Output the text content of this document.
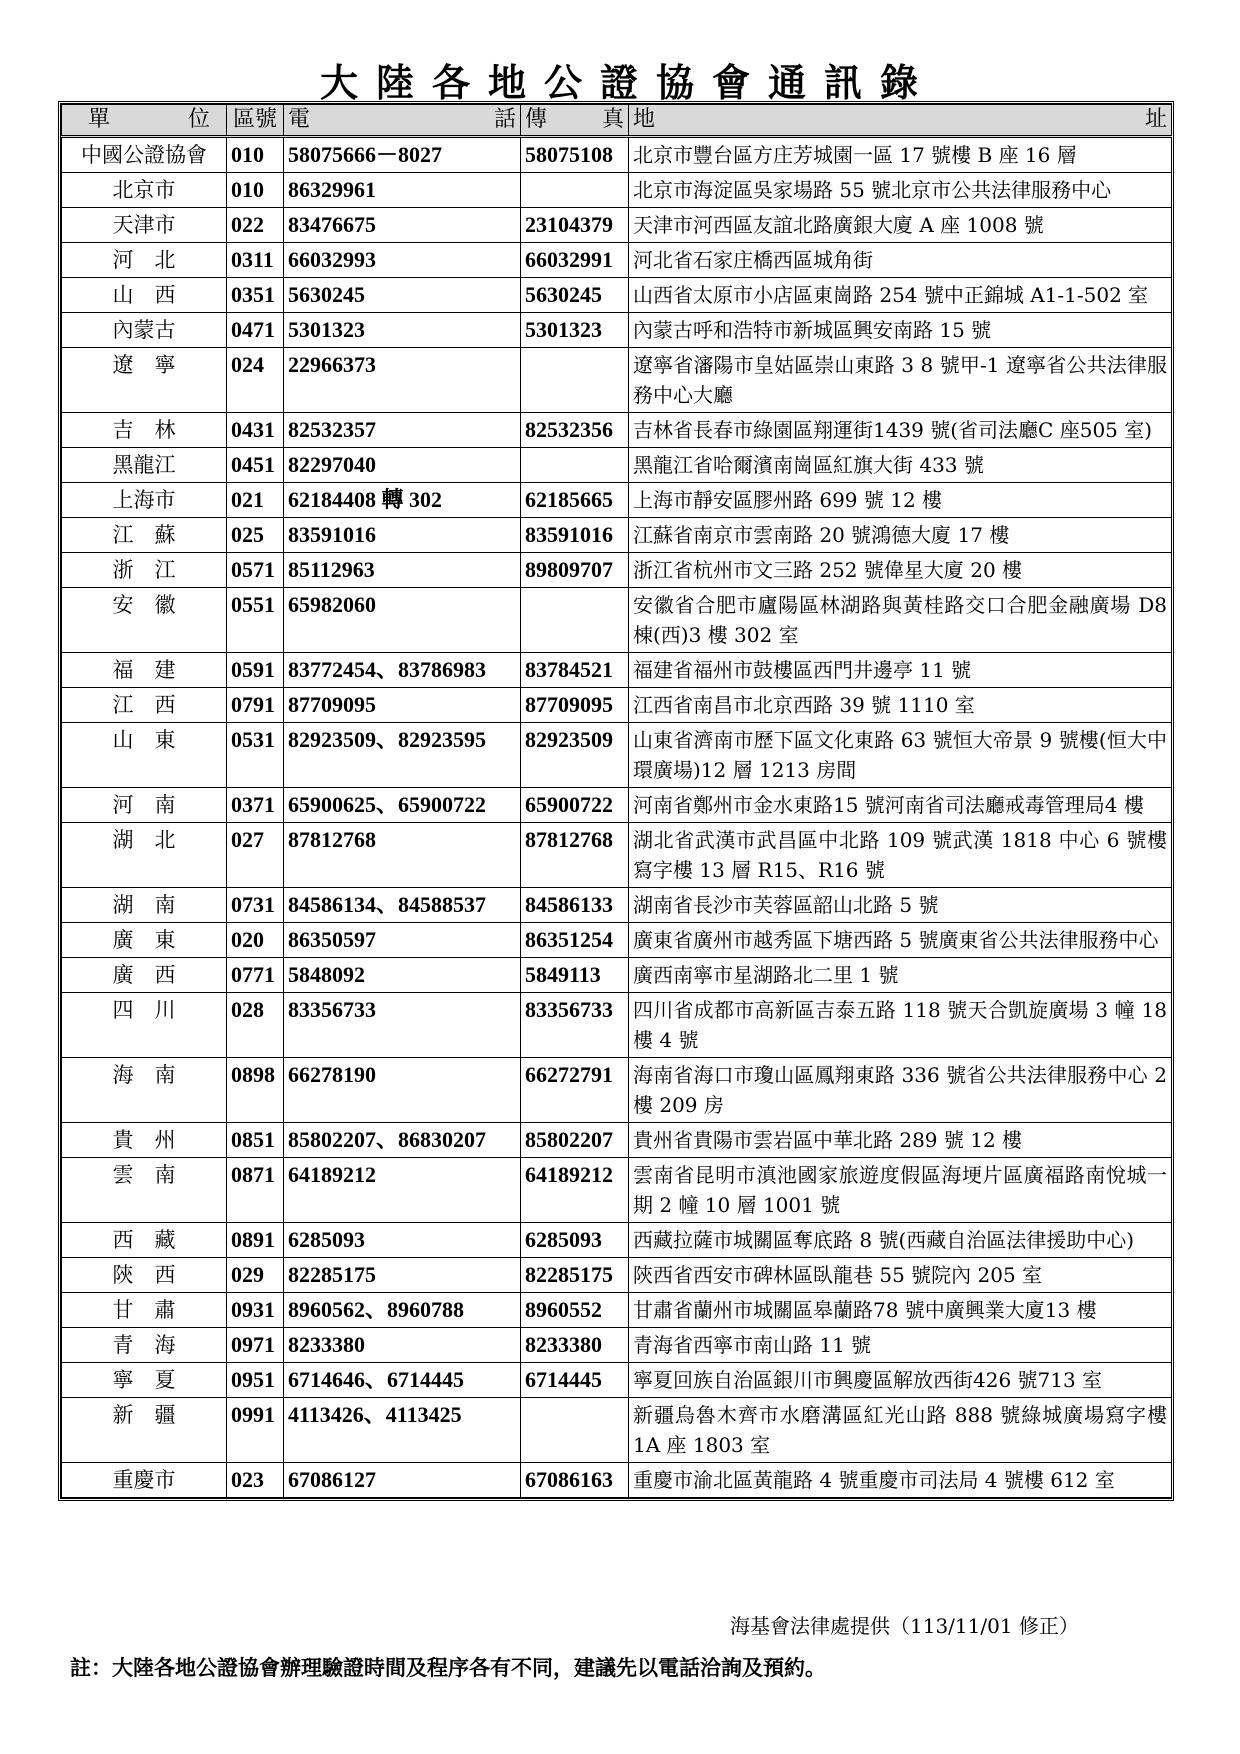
大陸各地公證協會通訊錄
單 位	區號	電 話	傳 真	地 址

中國公證協會	010	58075666－8027	58075108	北京市豐台區方庄芳城園一區 17 號樓 B 座 16 層
北京市	010	86329961		北京市海淀區吳家場路 55 號北京市公共法律服務中心
天津市	022	83476675	23104379	天津市河西區友誼北路廣銀大廈 A 座 1008 號
河　北	0311	66032993	66032991	河北省石家庄橋西區城角街
山　西	0351	5630245	5630245	山西省太原市小店區東崗路 254 號中正錦城 A1-1-502 室
內蒙古	0471	5301323	5301323	內蒙古呼和浩特市新城區興安南路 15 號
遼　寧	024	22966373		遼寧省瀋陽市皇姑區崇山東路 3 8 號甲-1 遼寧省公共法律服務中心大廳
吉　林	0431	82532357	82532356	吉林省長春市綠園區翔運街1439 號(省司法廳C 座505 室)
黑龍江	0451	82297040		黑龍江省哈爾濱南崗區紅旗大街 433 號
上海市	021	62184408 轉 302	62185665	上海市靜安區膠州路 699 號 12 樓
江　蘇	025	83591016	83591016	江蘇省南京市雲南路 20 號鴻德大廈 17 樓
浙　江	0571	85112963	89809707	浙江省杭州市文三路 252 號偉星大廈 20 樓
安　徽	0551	65982060		安徽省合肥市廬陽區林湖路與黃桂路交口合肥金融廣場 D8 棟(西)3 樓 302 室
福　建	0591	83772454、83786983	83784521	福建省福州市鼓樓區西門井邊亭 11 號
江　西	0791	87709095	87709095	江西省南昌市北京西路 39 號 1110 室
山　東	0531	82923509、82923595	82923509	山東省濟南市歷下區文化東路 63 號恒大帝景 9 號樓(恒大中環廣場)12 層 1213 房間
河　南	0371	65900625、65900722	65900722	河南省鄭州市金水東路15 號河南省司法廳戒毒管理局4 樓
湖　北	027	87812768	87812768	湖北省武漢市武昌區中北路 109 號武漢 1818 中心 6 號樓寫字樓 13 層 R15、R16 號
湖　南	0731	84586134、84588537	84586133	湖南省長沙市芙蓉區韶山北路 5 號
廣　東	020	86350597	86351254	廣東省廣州市越秀區下塘西路 5 號廣東省公共法律服務中心
廣　西	0771	5848092	5849113	廣西南寧市星湖路北二里 1 號
四　川	028	83356733	83356733	四川省成都市高新區吉泰五路 118 號天合凱旋廣場 3 幢 18 樓 4 號
海　南	0898	66278190	66272791	海南省海口市瓊山區鳳翔東路 336 號省公共法律服務中心 2 樓 209 房
貴　州	0851	85802207、86830207	85802207	貴州省貴陽市雲岩區中華北路 289 號 12 樓
雲　南	0871	64189212	64189212	雲南省昆明市滇池國家旅遊度假區海埂片區廣福路南悅城一期 2 幢 10 層 1001 號
西　藏	0891	6285093	6285093	西藏拉薩市城關區奪底路 8 號(西藏自治區法律援助中心)
陝　西	029	82285175	82285175	陝西省西安市碑林區臥龍巷 55 號院內 205 室
甘　肅	0931	8960562、8960788	8960552	甘肅省蘭州市城關區皋蘭路78 號中廣興業大廈13 樓
青　海	0971	8233380	8233380	青海省西寧市南山路 11 號
寧　夏	0951	6714646、6714445	6714445	寧夏回族自治區銀川市興慶區解放西街426 號713 室
新　疆	0991	4113426、4113425		新疆烏魯木齊市水磨溝區紅光山路 888 號綠城廣場寫字樓 1A 座 1803 室
重慶市	023	67086127	67086163	重慶市渝北區黃龍路 4 號重慶市司法局 4 號樓 612 室
海基會法律處提供（113/11/01 修正）
註：大陸各地公證協會辦理驗證時間及程序各有不同，建議先以電話洽詢及預約。
